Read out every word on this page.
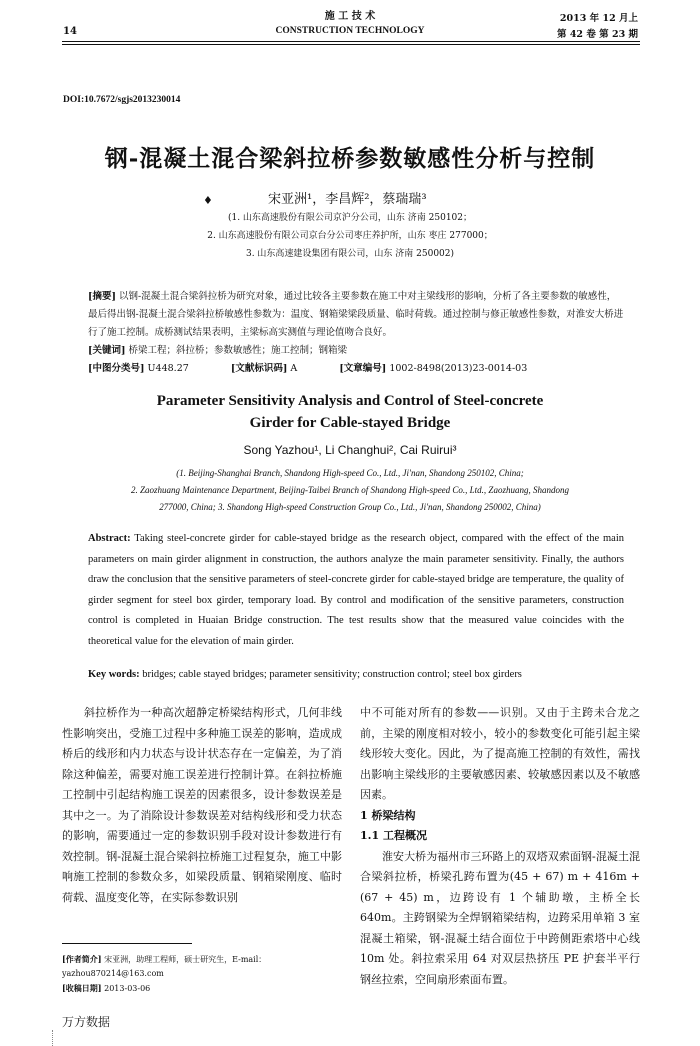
施 工 技 术
CONSTRUCTION TECHNOLOGY
14
2013 年 12 月上
第 42 卷 第 23 期
DOI:10.7672/sgjs2013230014
钢-混凝土混合梁斜拉桥参数敏感性分析与控制
♦	宋亚洲¹，李昌辉²，蔡瑞瑞³
(1. 山东高速股份有限公司京沪分公司，山东 济南 250102；
2. 山东高速股份有限公司京台分公司枣庄养护所，山东 枣庄 277000；
3. 山东高速建设集团有限公司，山东 济南 250002)
[摘要] 以钢-混凝土混合梁斜拉桥为研究对象，通过比较各主要参数在施工中对主梁线形的影响，分析了各主要参数的敏感性，最后得出钢-混凝土混合梁斜拉桥敏感性参数为：温度、钢箱梁梁段质量、临时荷载。通过控制与修正敏感性参数，对淮安大桥进行了施工控制。成桥测试结果表明，主梁标高实测值与理论值吻合良好。
[关键词] 桥梁工程；斜拉桥；参数敏感性；施工控制；钢箱梁
[中图分类号] U448.27	[文献标识码] A	[文章编号] 1002-8498(2013)23-0014-03
Parameter Sensitivity Analysis and Control of Steel-concrete
Girder for Cable-stayed Bridge
Song Yazhou¹, Li Changhui², Cai Ruirui³
(1. Beijing-Shanghai Branch, Shandong High-speed Co., Ltd., Ji'nan, Shandong 250102, China;
2. Zaozhuang Maintenance Department, Beijing-Taibei Branch of Shandong High-speed Co., Ltd., Zaozhuang, Shandong
277000, China; 3. Shandong High-speed Construction Group Co., Ltd., Ji'nan, Shandong 250002, China)
Abstract: Taking steel-concrete girder for cable-stayed bridge as the research object, compared with the effect of the main parameters on main girder alignment in construction, the authors analyze the main parameter sensitivity. Finally, the authors draw the conclusion that the sensitive parameters of steel-concrete girder for cable-stayed bridge are temperature, the quality of girder segment for steel box girder, temporary load. By control and modification of the sensitive parameters, construction control is completed in Huaian Bridge construction. The test results show that the measured value coincides with the theoretical value for the elevation of main girder.
Key words: bridges; cable stayed bridges; parameter sensitivity; construction control; steel box girders

斜拉桥作为一种高次超静定桥梁结构形式，几何非线性影响突出，受施工过程中多种施工误差的影响，造成成桥后的线形和内力状态与设计状态存在一定偏差，为了消除这种偏差，需要对施工误差进行控制计算。在斜拉桥施工控制中引起结构施工误差的因素很多，设计参数误差是其中之一。为了消除设计参数误差对结构线形和受力状态的影响，需要通过一定的参数识别手段对设计参数进行有效控制。钢-混凝土混合梁斜拉桥施工过程复杂，施工中影响施工控制的参数众多，如梁段质量、钢箱梁刚度、临时荷载、温度变化等，在实际参数识别

中不可能对所有的参数——识别。又由于主跨未合龙之前，主梁的刚度相对较小，较小的参数变化可能引起主梁线形较大变化。因此，为了提高施工控制的有效性，需找出影响主梁线形的主要敏感因素、较敏感因素以及不敏感因素。

1 桥梁结构

1.1 工程概况

淮安大桥为福州市三环路上的双塔双索面钢-混凝土混合梁斜拉桥，桥梁孔跨布置为(45 + 67) m + 416m + (67 + 45) m，边跨设有 1 个辅助墩，主桥全长 640m。主跨钢梁为全焊钢箱梁结构，边跨采用单箱 3 室混凝土箱梁，钢-混凝土结合面位于中跨侧距索塔中心线 10m 处。斜拉索采用 64 对双层热挤压 PE 护套半平行钢丝拉索，空间扇形索面布置。

[作者简介] 宋亚洲，助理工程师，硕士研究生，E-mail：yazhou870214@163.com
[收稿日期] 2013-03-06
万方数据
